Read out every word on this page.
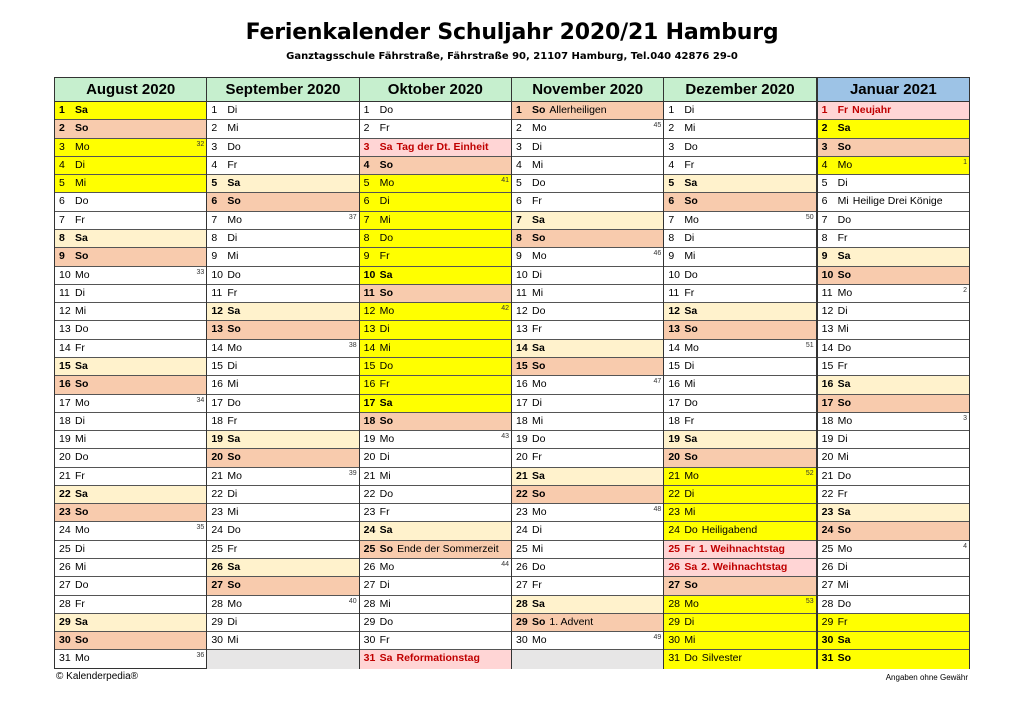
Ferienkalender Schuljahr 2020/21 Hamburg
Ganztagsschule Fährstraße, Fährstraße 90, 21107 Hamburg, Tel.040 42876 29-0
August 2020
1 Sa
2 So
3 Mo	32
4 Di
5 Mi
6 Do
7 Fr
8 Sa
9 So
10 Mo	33
11 Di
12 Mi
13 Do
14 Fr
15 Sa
16 So
17 Mo	34
18 Di
19 Mi
20 Do
21 Fr
22 Sa
23 So
24 Mo	35
25 Di
26 Mi
27 Do
28 Fr
29 Sa
30 So
31 Mo	36
September 2020
1 Di
2 Mi
3 Do
4 Fr
5 Sa
6 So
7 Mo	37
8 Di
9 Mi
10 Do
11 Fr
12 Sa
13 So
14 Mo	38
15 Di
16 Mi
17 Do
18 Fr
19 Sa
20 So
21 Mo	39
22 Di
23 Mi
24 Do
25 Fr
26 Sa
27 So
28 Mo	40
29 Di
30 Mi
Oktober 2020
1 Do
2 Fr
3 Sa Tag der Dt. Einheit
4 So
5 Mo	41
6 Di
7 Mi
8 Do
9 Fr
10 Sa
11 So
12 Mo	42
13 Di
14 Mi
15 Do
16 Fr
17 Sa
18 So
19 Mo	43
20 Di
21 Mi
22 Do
23 Fr
24 Sa
25 So Ende der Sommerzeit
26 Mo	44
27 Di
28 Mi
29 Do
30 Fr
31 Sa Reformationstag
November 2020
1 So Allerheiligen
2 Mo	45
3 Di
4 Mi
5 Do
6 Fr
7 Sa
8 So
9 Mo	46
10 Di
11 Mi
12 Do
13 Fr
14 Sa
15 So
16 Mo	47
17 Di
18 Mi
19 Do
20 Fr
21 Sa
22 So
23 Mo	48
24 Di
25 Mi
26 Do
27 Fr
28 Sa
29 So 1. Advent
30 Mo	49
Dezember 2020
1 Di
2 Mi
3 Do
4 Fr
5 Sa
6 So
7 Mo	50
8 Di
9 Mi
10 Do
11 Fr
12 Sa
13 So
14 Mo	51
15 Di
16 Mi
17 Do
18 Fr
19 Sa
20 So
21 Mo	52
22 Di
23 Mi
24 Do Heiligabend
25 Fr 1. Weihnachtstag
26 Sa 2. Weihnachtstag
27 So
28 Mo	53
29 Di
30 Mi
31 Do Silvester
Januar 2021
1 Fr Neujahr
2 Sa
3 So
4 Mo	1
5 Di
6 Mi Heilige Drei Könige
7 Do
8 Fr
9 Sa
10 So
11 Mo	2
12 Di
13 Mi
14 Do
15 Fr
16 Sa
17 So
18 Mo	3
19 Di
20 Mi
21 Do
22 Fr
23 Sa
24 So
25 Mo	4
26 Di
27 Mi
28 Do
29 Fr
30 Sa
31 So
© Kalenderpedia®	Angaben ohne Gewähr
